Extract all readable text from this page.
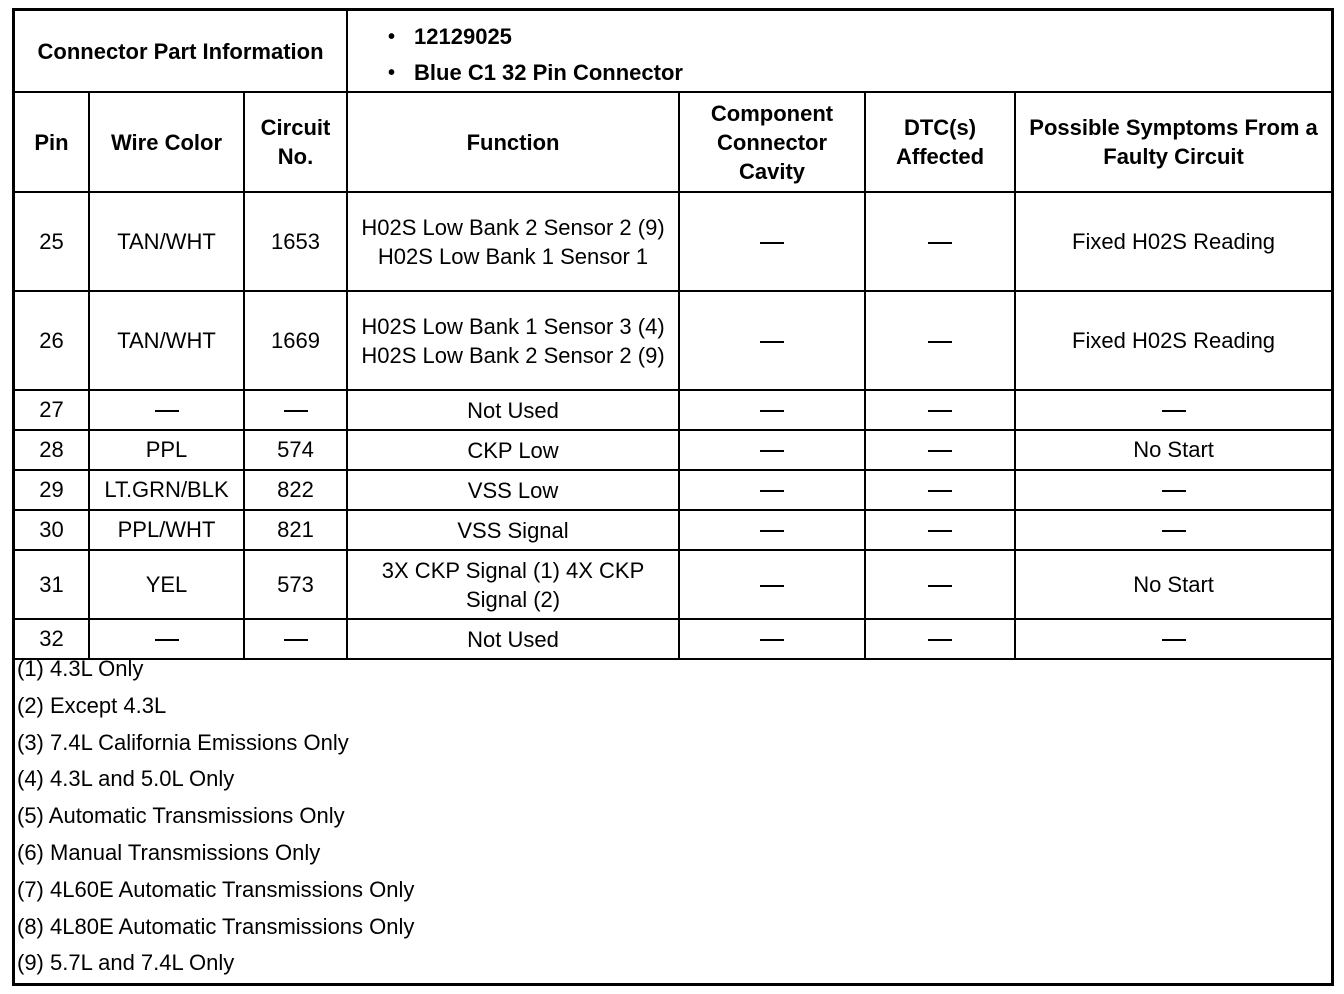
Connector Part Information			• 12129025
• Blue C1 32 Pin Connector			

Pin	Wire Color	Circuit No.	Function	Component Connector Cavity	DTC(s) Affected	Possible Symptoms From a Faulty Circuit
25	TAN/WHT	1653	H02S Low Bank 2 Sensor 2 (9) H02S Low Bank 1 Sensor 1			Fixed H02S Reading
26	TAN/WHT	1669	H02S Low Bank 1 Sensor 3 (4) H02S Low Bank 2 Sensor 2 (9)			Fixed H02S Reading
27			Not Used			
28	PPL	574	CKP Low			No Start
29	LT.GRN/BLK	822	VSS Low			
30	PPL/WHT	821	VSS Signal			
31	YEL	573	3X CKP Signal (1) 4X CKP Signal (2)			No Start
32			Not Used			
(1) 4.3L Only
(2) Except 4.3L
(3) 7.4L California Emissions Only
(4) 4.3L and 5.0L Only
(5) Automatic Transmissions Only
(6) Manual Transmissions Only
(7) 4L60E Automatic Transmissions Only
(8) 4L80E Automatic Transmissions Only
(9) 5.7L and 7.4L Only
